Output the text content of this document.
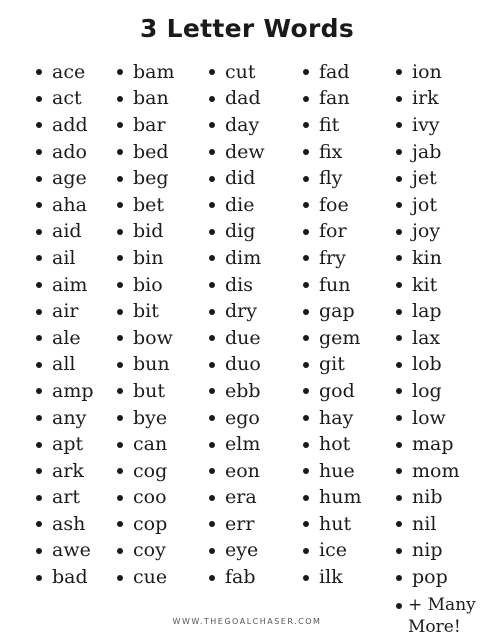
3 Letter Words
ace
act
add
ado
age
aha
aid
ail
aim
air
ale
all
amp
any
apt
ark
art
ash
awe
bad
bam
ban
bar
bed
beg
bet
bid
bin
bio
bit
bow
bun
but
bye
can
cog
coo
cop
coy
cue
cut
dad
day
dew
did
die
dig
dim
dis
dry
due
duo
ebb
ego
elm
eon
era
err
eye
fab
fad
fan
fit
fix
fly
foe
for
fry
fun
gap
gem
git
god
hay
hot
hue
hum
hut
ice
ilk
ion
irk
ivy
jab
jet
jot
joy
kin
kit
lap
lax
lob
log
low
map
mom
nib
nil
nip
pop
+ Many
More!
WWW.THEGOALCHASER.COM
